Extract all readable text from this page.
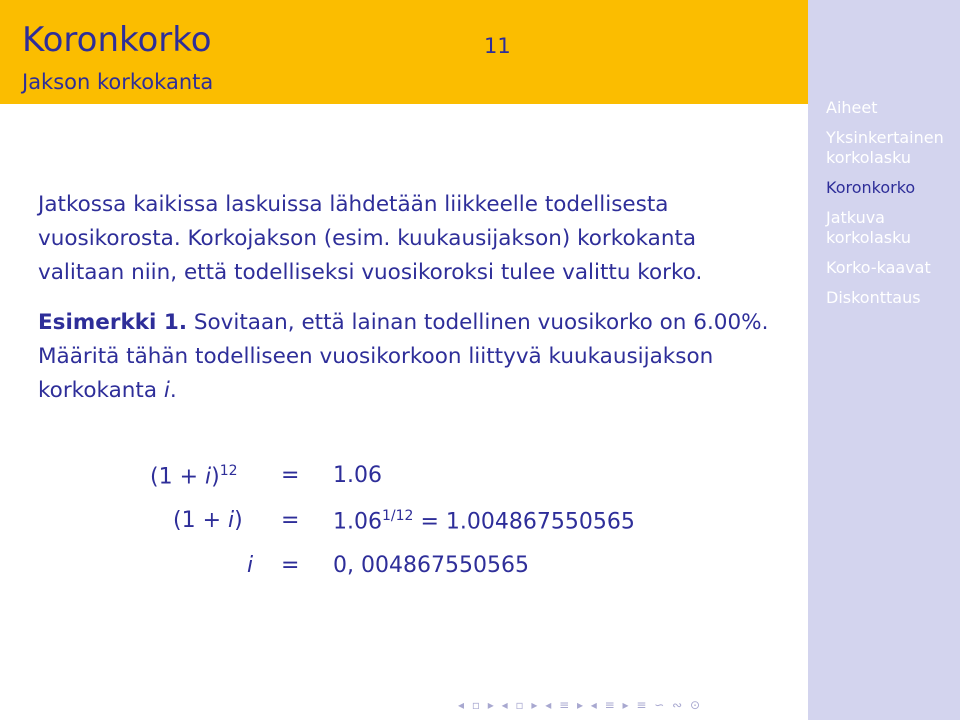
Koronkorko	11
Jakson korkokanta
Aiheet
Yksinkertainen korkolasku
Koronkorko
Jatkuva korkolasku
Korko-kaavat
Diskonttaus

Jatkossa kaikissa laskuissa lähdetään liikkeelle todellisesta vuosikorosta. Korkojakson (esim. kuukausijakson) korkokanta valitaan niin, että todelliseksi vuosikoroksi tulee valittu korko.

Esimerkki 1. Sovitaan, että lainan todellinen vuosikorko on 6.00%. Määritä tähän todelliseen vuosikorkoon liittyvä kuukausijakson korkokanta i.

$(1 + i)^{12} = 1.06$
$(1 + i) = 1.06^{1/12} = 1.004867550565$
i = 0, 004867550565
◂ ▫ ▸ ◂ ▫ ▸ ◂ ≡ ▸ ◂ ≡ ▸ ≡ ∽ ∾ ⊙
